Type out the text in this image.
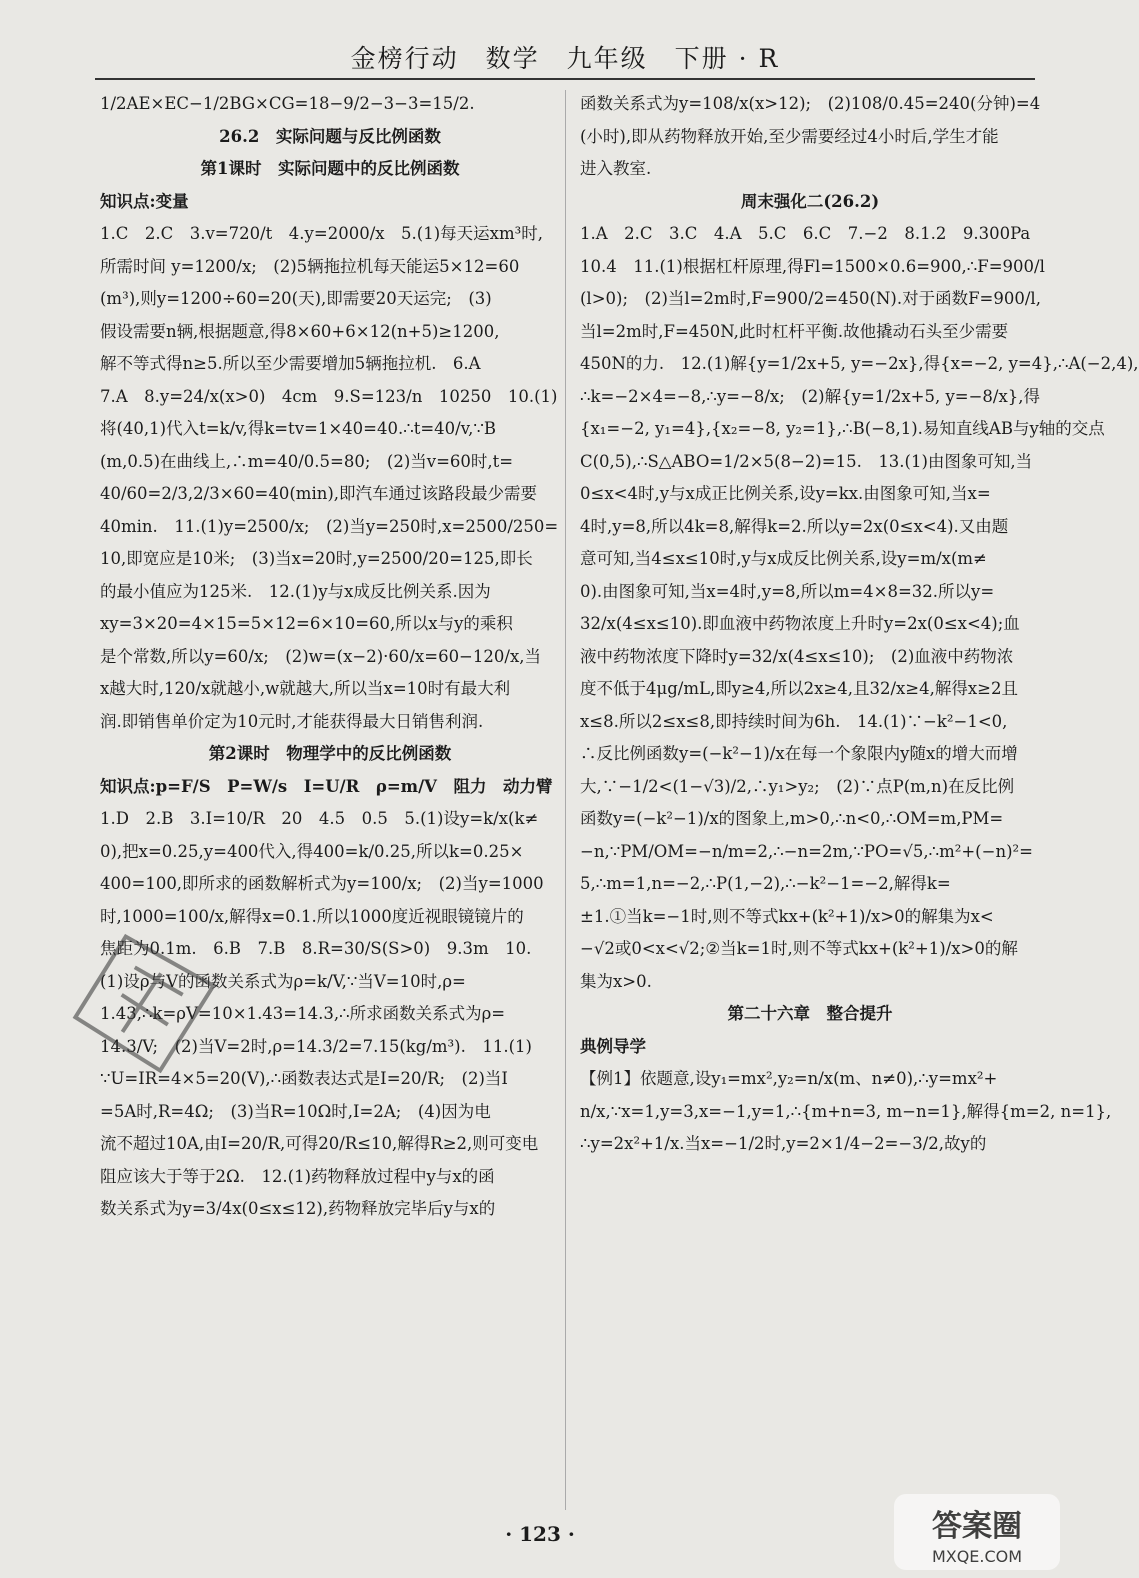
金榜行动　数学　九年级　下册 · R
1/2AE×EC−1/2BG×CG=18−9/2−3−3=15/2.
26.2　实际问题与反比例函数
第1课时　实际问题中的反比例函数
知识点:变量
1.C　2.C　3.v=720/t　4.y=2000/x　5.(1)每天运xm³时,
所需时间 y=1200/x;　(2)5辆拖拉机每天能运5×12=60
(m³),则y=1200÷60=20(天),即需要20天运完;　(3)
假设需要n辆,根据题意,得8×60+6×12(n+5)≥1200,
解不等式得n≥5.所以至少需要增加5辆拖拉机.　6.A
7.A　8.y=24/x(x>0)　4cm　9.S=123/n　10250　10.(1)
将(40,1)代入t=k/v,得k=tv=1×40=40.∴t=40/v,∵B
(m,0.5)在曲线上,∴m=40/0.5=80;　(2)当v=60时,t=
40/60=2/3,2/3×60=40(min),即汽车通过该路段最少需要
40min.　11.(1)y=2500/x;　(2)当y=250时,x=2500/250=
10,即宽应是10米;　(3)当x=20时,y=2500/20=125,即长
的最小值应为125米.　12.(1)y与x成反比例关系.因为
xy=3×20=4×15=5×12=6×10=60,所以x与y的乘积
是个常数,所以y=60/x;　(2)w=(x−2)·60/x=60−120/x,当
x越大时,120/x就越小,w就越大,所以当x=10时有最大利
润.即销售单价定为10元时,才能获得最大日销售利润.
第2课时　物理学中的反比例函数
知识点:p=F/S　P=W/s　I=U/R　ρ=m/V　阻力　动力臂
1.D　2.B　3.I=10/R　20　4.5　0.5　5.(1)设y=k/x(k≠
0),把x=0.25,y=400代入,得400=k/0.25,所以k=0.25×
400=100,即所求的函数解析式为y=100/x;　(2)当y=1000
时,1000=100/x,解得x=0.1.所以1000度近视眼镜镜片的
焦距为0.1m.　6.B　7.B　8.R=30/S(S>0)　9.3m　10.
(1)设ρ与V的函数关系式为ρ=k/V,∵当V=10时,ρ=
1.43,∴k=ρV=10×1.43=14.3,∴所求函数关系式为ρ=
14.3/V;　(2)当V=2时,ρ=14.3/2=7.15(kg/m³).　11.(1)
∵U=IR=4×5=20(V),∴函数表达式是I=20/R;　(2)当I
=5A时,R=4Ω;　(3)当R=10Ω时,I=2A;　(4)因为电
流不超过10A,由I=20/R,可得20/R≤10,解得R≥2,则可变电
阻应该大于等于2Ω.　12.(1)药物释放过程中y与x的函
数关系式为y=3/4x(0≤x≤12),药物释放完毕后y与x的
函数关系式为y=108/x(x>12);　(2)108/0.45=240(分钟)=4
(小时),即从药物释放开始,至少需要经过4小时后,学生才能
进入教室.
周末强化二(26.2)
1.A　2.C　3.C　4.A　5.C　6.C　7.−2　8.1.2　9.300Pa
10.4　11.(1)根据杠杆原理,得Fl=1500×0.6=900,∴F=900/l
(l>0);　(2)当l=2m时,F=900/2=450(N).对于函数F=900/l,
当l=2m时,F=450N,此时杠杆平衡.故他撬动石头至少需要
450N的力.　12.(1)解{y=1/2x+5, y=−2x},得{x=−2, y=4},∴A(−2,4),
∴k=−2×4=−8,∴y=−8/x;　(2)解{y=1/2x+5, y=−8/x},得
{x₁=−2, y₁=4},{x₂=−8, y₂=1},∴B(−8,1).易知直线AB与y轴的交点
C(0,5),∴S△ABO=1/2×5(8−2)=15.　13.(1)由图象可知,当
0≤x<4时,y与x成正比例关系,设y=kx.由图象可知,当x=
4时,y=8,所以4k=8,解得k=2.所以y=2x(0≤x<4).又由题
意可知,当4≤x≤10时,y与x成反比例关系,设y=m/x(m≠
0).由图象可知,当x=4时,y=8,所以m=4×8=32.所以y=
32/x(4≤x≤10).即血液中药物浓度上升时y=2x(0≤x<4);血
液中药物浓度下降时y=32/x(4≤x≤10);　(2)血液中药物浓
度不低于4μg/mL,即y≥4,所以2x≥4,且32/x≥4,解得x≥2且
x≤8.所以2≤x≤8,即持续时间为6h.　14.(1)∵−k²−1<0,
∴反比例函数y=(−k²−1)/x在每一个象限内y随x的增大而增
大,∵−1/2<(1−√3)/2,∴y₁>y₂;　(2)∵点P(m,n)在反比例
函数y=(−k²−1)/x的图象上,m>0,∴n<0,∴OM=m,PM=
−n,∵PM/OM=−n/m=2,∴−n=2m,∵PO=√5,∴m²+(−n)²=
5,∴m=1,n=−2,∴P(1,−2),∴−k²−1=−2,解得k=
±1.①当k=−1时,则不等式kx+(k²+1)/x>0的解集为x<
−√2或0<x<√2;②当k=1时,则不等式kx+(k²+1)/x>0的解
集为x>0.
第二十六章　整合提升
典例导学
【例1】依题意,设y₁=mx²,y₂=n/x(m、n≠0),∴y=mx²+
n/x,∵x=1,y=3,x=−1,y=1,∴{m+n=3, m−n=1},解得{m=2, n=1},
∴y=2x²+1/x.当x=−1/2时,y=2×1/4−2=−3/2,故y的
· 123 ·	答案圈
MXQE.COM
